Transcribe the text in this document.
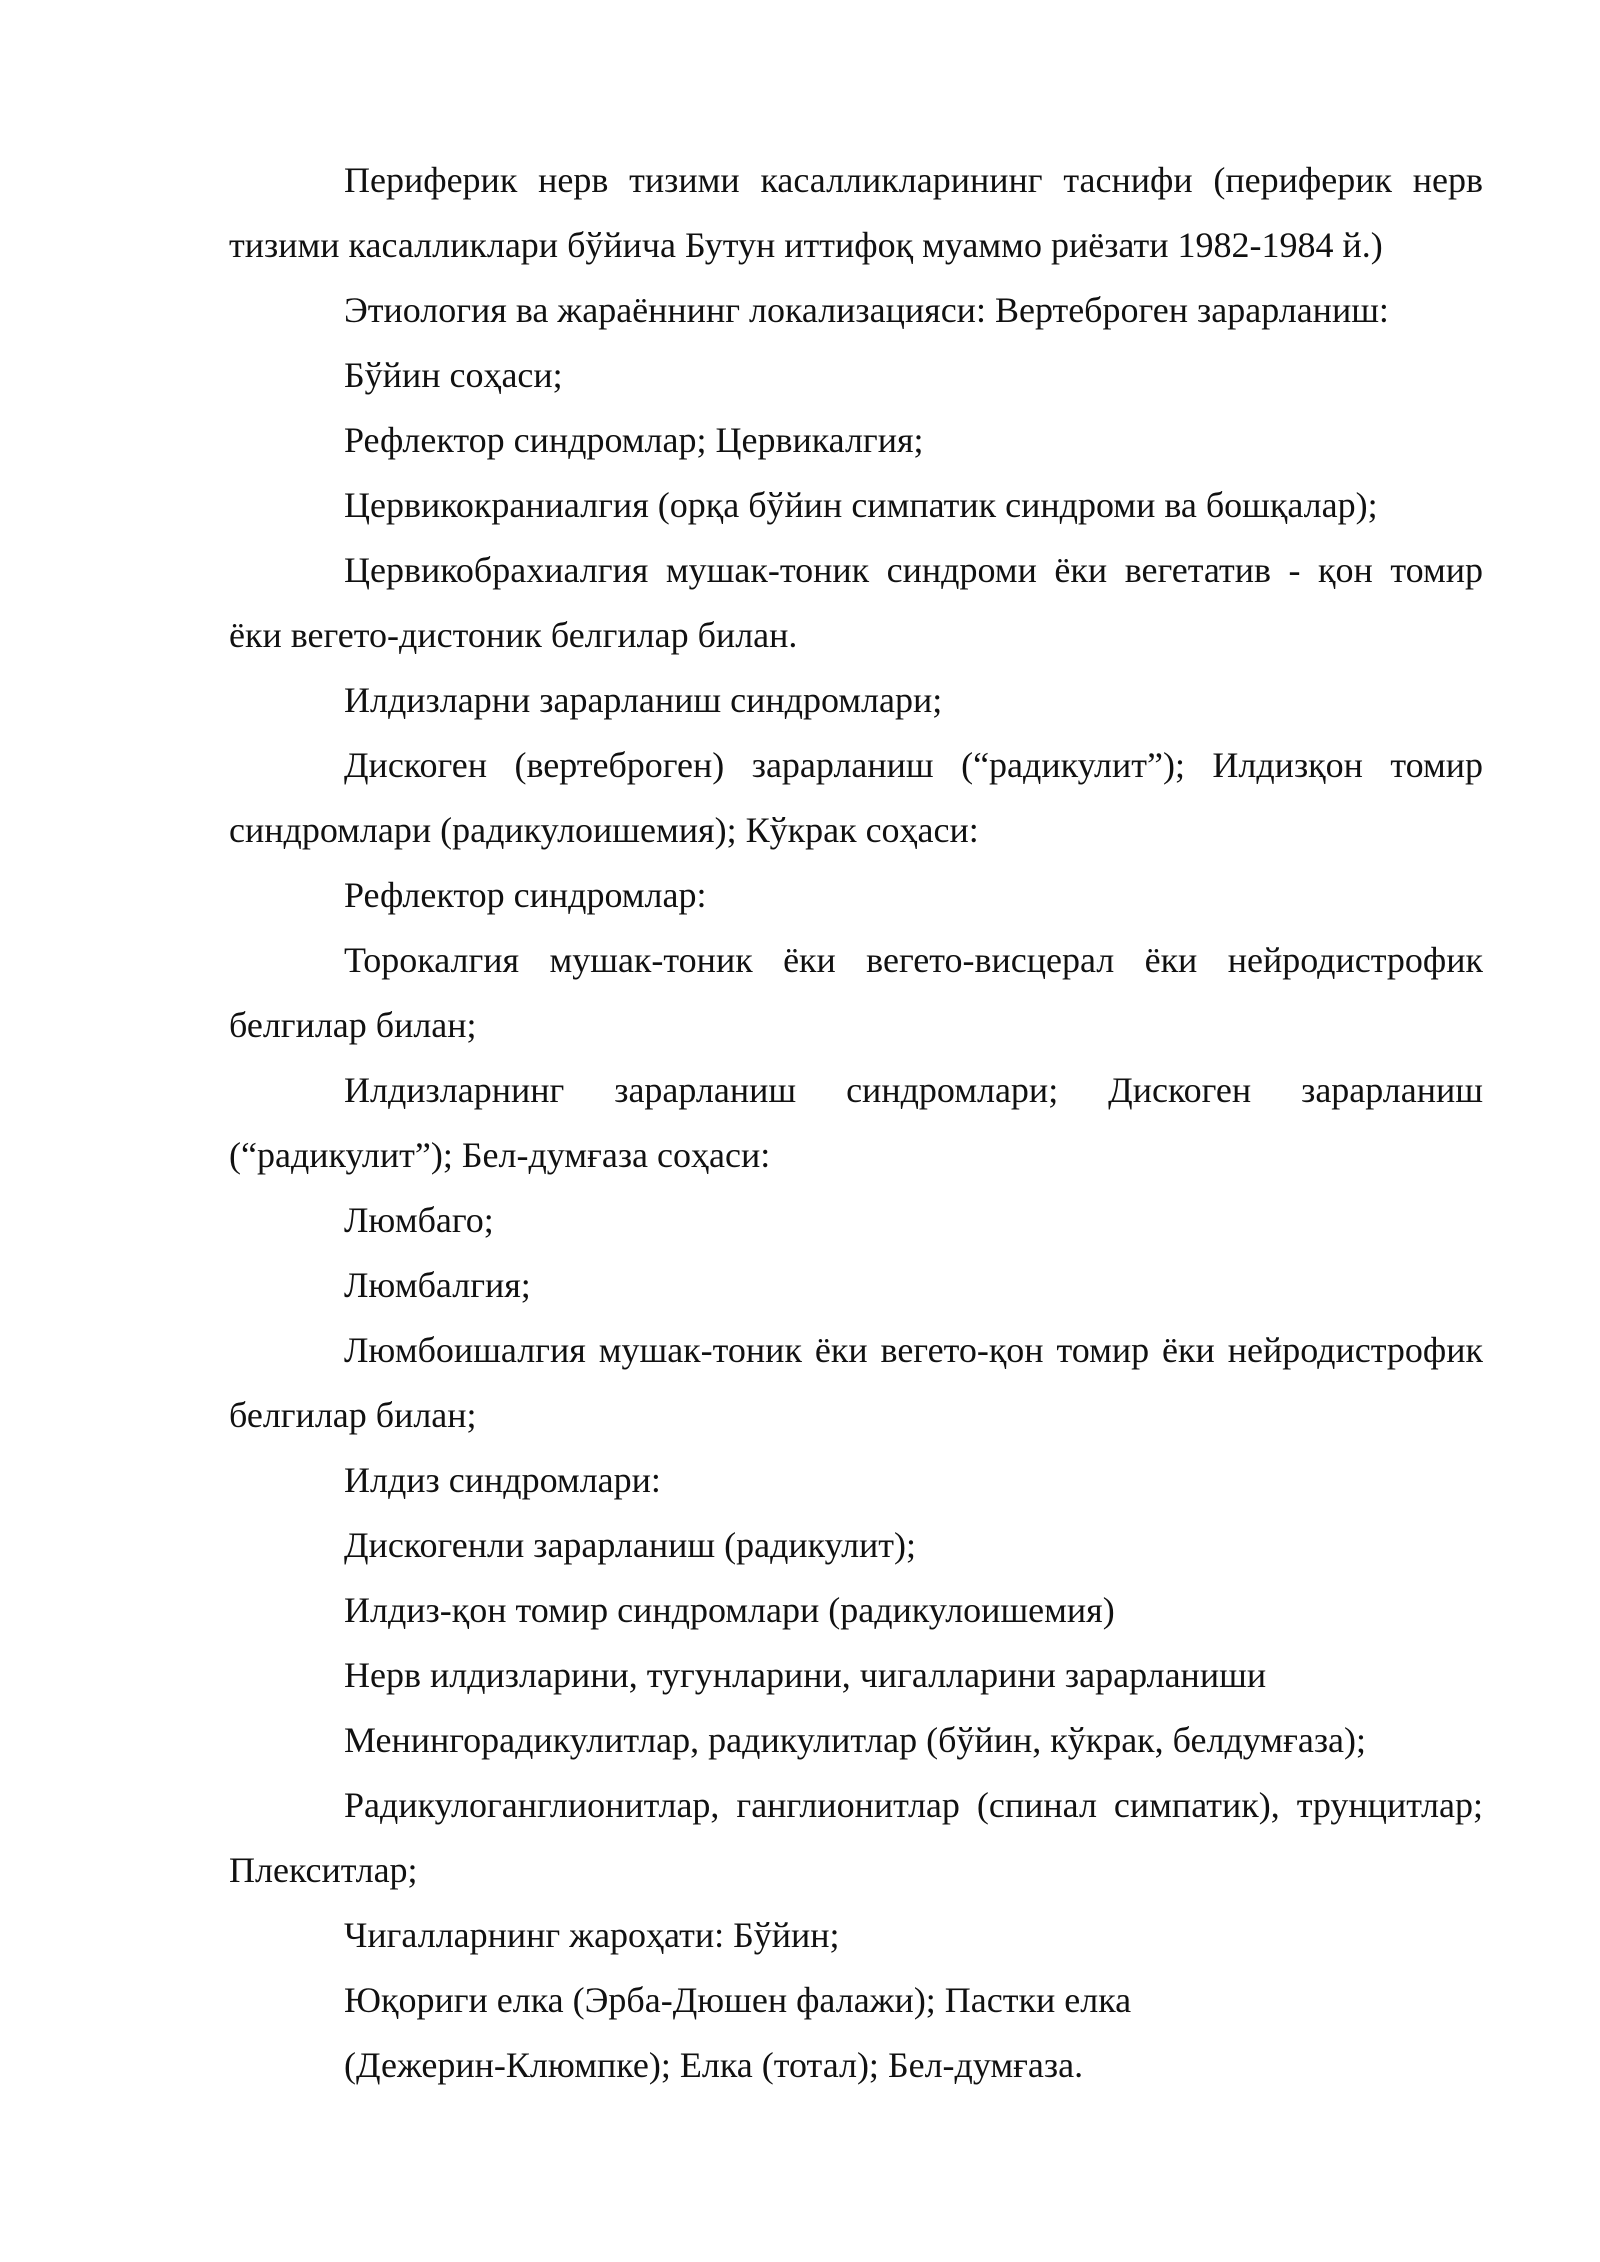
Периферик нерв тизими касалликларининг таснифи (периферик нерв тизими касалликлари бўйича Бутун иттифоқ муаммо риёзати 1982-1984 й.)

Этиология ва жараённинг локализацияси: Вертеброген зарарланиш:

Бўйин соҳаси;

Рефлектор синдромлар; Цервикалгия;

Цервикокраниалгия (орқа бўйин симпатик синдроми ва бошқалар);

Цервикобрахиалгия мушак-тоник синдроми ёки вегетатив - қон томир ёки вегето-дистоник белгилар билан.

Илдизларни зарарланиш синдромлари;

Дискоген (вертеброген) зарарланиш (“радикулит”); Илдизқон томир синдромлари (радикулоишемия); Кўкрак соҳаси:

Рефлектор синдромлар:

Торокалгия мушак-тоник ёки вегето-висцерал ёки нейродистрофик белгилар билан;

Илдизларнинг зарарланиш синдромлари; Дискоген зарарланиш (“радикулит”); Бел-думғаза соҳаси:

Люмбаго;

Люмбалгия;

Люмбоишалгия мушак-тоник ёки вегето-қон томир ёки нейродистрофик белгилар билан;

Илдиз синдромлари:

Дискогенли зарарланиш (радикулит);

Илдиз-қон томир синдромлари (радикулоишемия)

Нерв илдизларини, тугунларини, чигалларини зарарланиши

Менингорадикулитлар, радикулитлар (бўйин, кўкрак, белдумғаза);

Радикулоганглионитлар, ганглионитлар (спинал симпатик), трунцитлар; Плекситлар;

Чигалларнинг жароҳати: Бўйин;

Юқориги елка (Эрба-Дюшен фалажи); Пастки елка

(Дежерин-Клюмпке); Елка (тотал); Бел-думғаза.
